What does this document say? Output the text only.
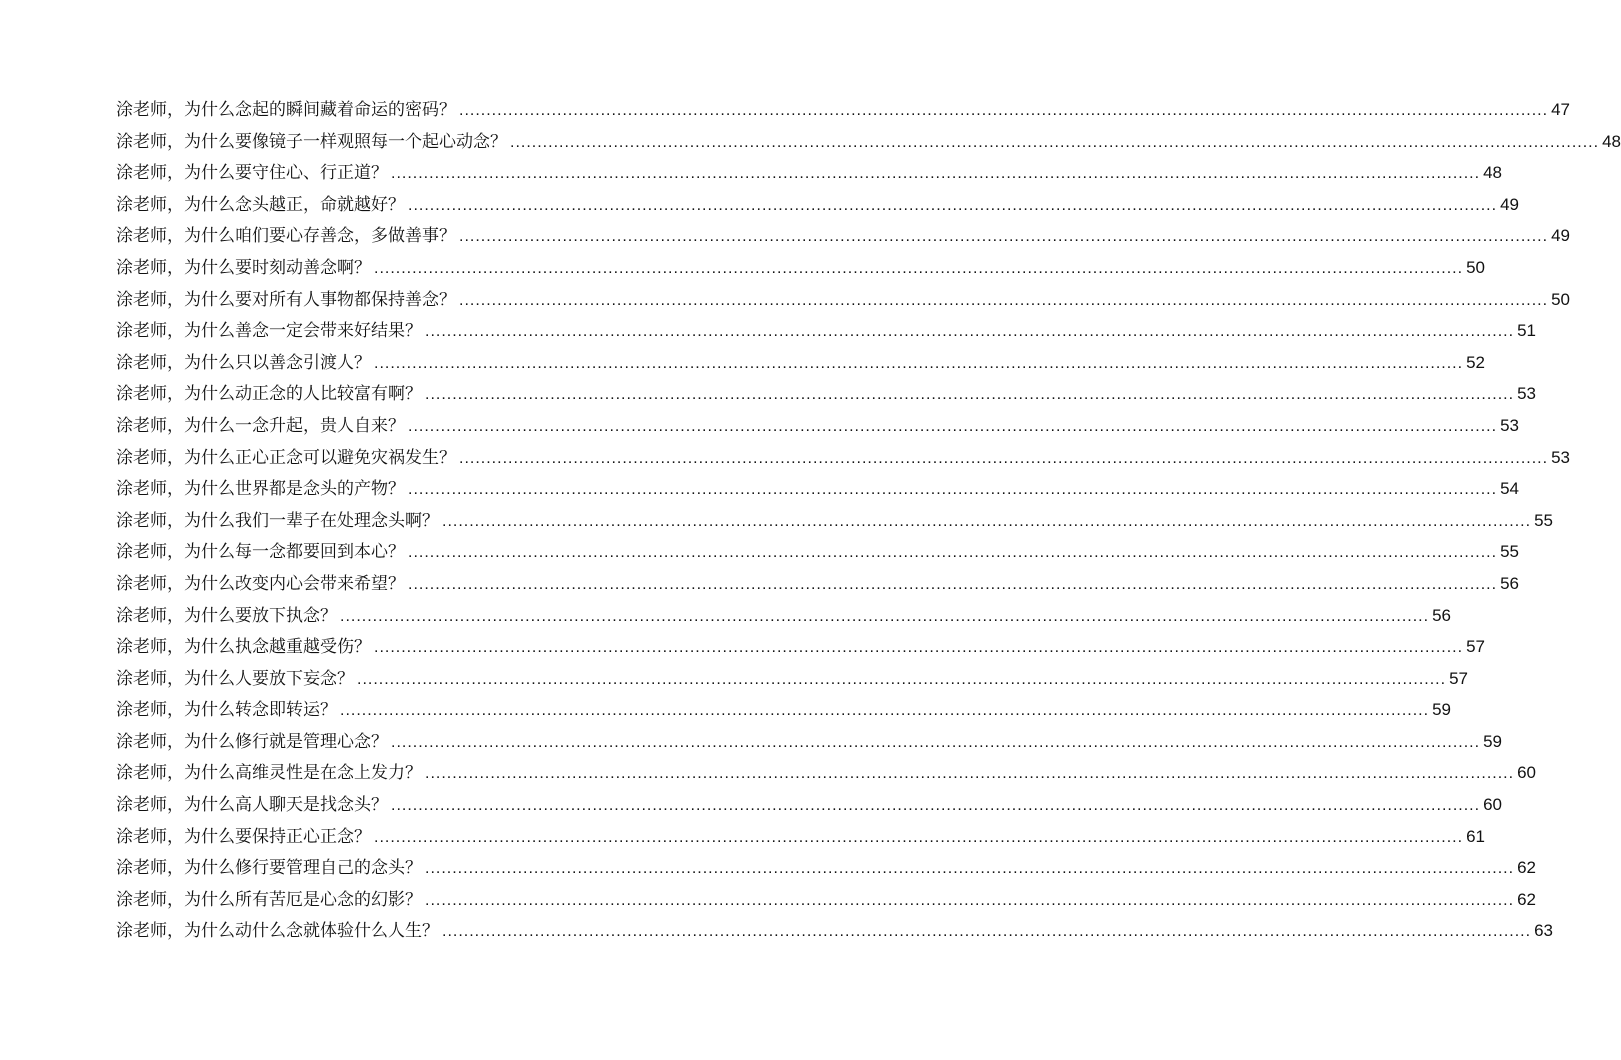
涂老师，为什么念起的瞬间藏着命运的密码？ ........................................................................................................................................................................................................ 47
涂老师，为什么要像镜子一样观照每一个起心动念？ ........................................................................................................................................................................................................ 48
涂老师，为什么要守住心、行正道？ ........................................................................................................................................................................................................ 48
涂老师，为什么念头越正，命就越好？ ........................................................................................................................................................................................................ 49
涂老师，为什么咱们要心存善念，多做善事？ ........................................................................................................................................................................................................ 49
涂老师，为什么要时刻动善念啊？ ........................................................................................................................................................................................................ 50
涂老师，为什么要对所有人事物都保持善念？ ........................................................................................................................................................................................................ 50
涂老师，为什么善念一定会带来好结果？ ........................................................................................................................................................................................................ 51
涂老师，为什么只以善念引渡人？ ........................................................................................................................................................................................................ 52
涂老师，为什么动正念的人比较富有啊？ ........................................................................................................................................................................................................ 53
涂老师，为什么一念升起，贵人自来？ ........................................................................................................................................................................................................ 53
涂老师，为什么正心正念可以避免灾祸发生？ ........................................................................................................................................................................................................ 53
涂老师，为什么世界都是念头的产物？ ........................................................................................................................................................................................................ 54
涂老师，为什么我们一辈子在处理念头啊？ ........................................................................................................................................................................................................ 55
涂老师，为什么每一念都要回到本心？ ........................................................................................................................................................................................................ 55
涂老师，为什么改变内心会带来希望？ ........................................................................................................................................................................................................ 56
涂老师，为什么要放下执念？ ........................................................................................................................................................................................................ 56
涂老师，为什么执念越重越受伤？ ........................................................................................................................................................................................................ 57
涂老师，为什么人要放下妄念？ ........................................................................................................................................................................................................ 57
涂老师，为什么转念即转运？ ........................................................................................................................................................................................................ 59
涂老师，为什么修行就是管理心念？ ........................................................................................................................................................................................................ 59
涂老师，为什么高维灵性是在念上发力？ ........................................................................................................................................................................................................ 60
涂老师，为什么高人聊天是找念头？ ........................................................................................................................................................................................................ 60
涂老师，为什么要保持正心正念？ ........................................................................................................................................................................................................ 61
涂老师，为什么修行要管理自己的念头？ ........................................................................................................................................................................................................ 62
涂老师，为什么所有苦厄是心念的幻影？ ........................................................................................................................................................................................................ 62
涂老师，为什么动什么念就体验什么人生？ ........................................................................................................................................................................................................ 63
